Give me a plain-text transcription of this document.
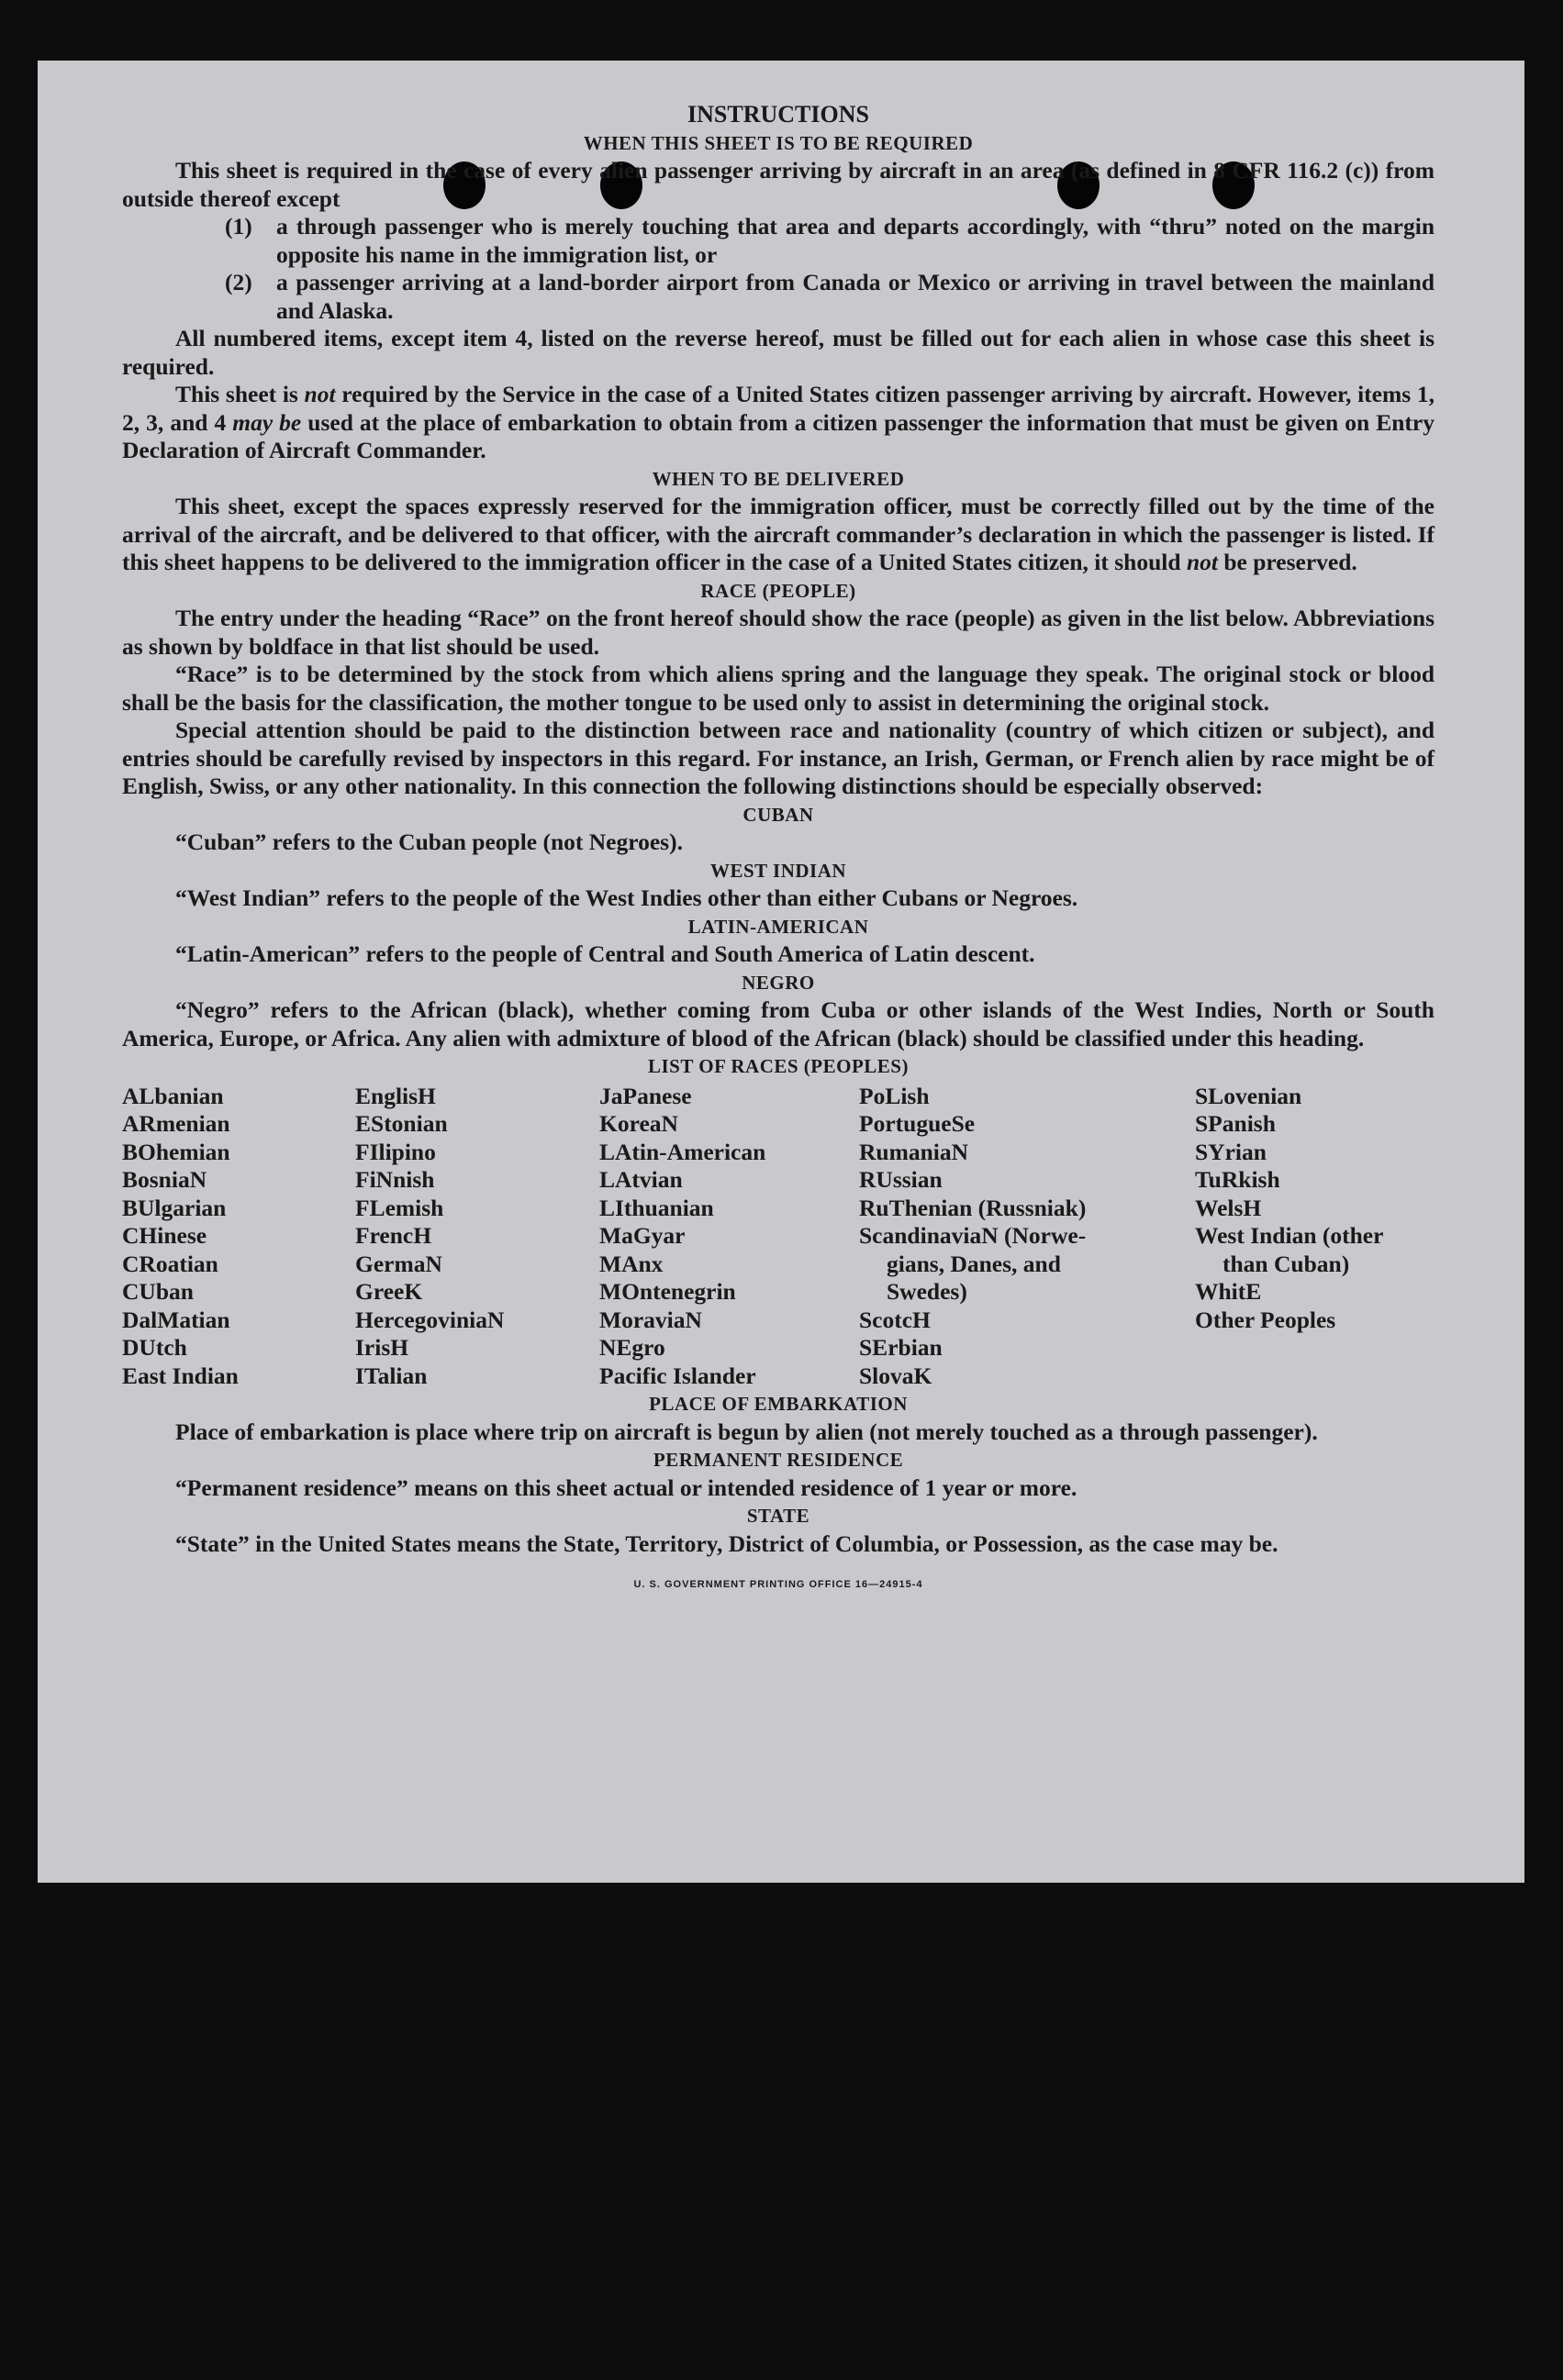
INSTRUCTIONS
WHEN THIS SHEET IS TO BE REQUIRED

This sheet is required in the case of every alien passenger arriving by aircraft in an area (as defined in 8 CFR 116.2 (c)) from outside thereof except

(1)	a through passenger who is merely touching that area and departs accordingly, with “thru” noted on the margin opposite his name in the immigration list, or

(2)	a passenger arriving at a land-border airport from Canada or Mexico or arriving in travel between the mainland and Alaska.

All numbered items, except item 4, listed on the reverse hereof, must be filled out for each alien in whose case this sheet is required.

This sheet is not required by the Service in the case of a United States citizen passenger arriving by aircraft. However, items 1, 2, 3, and 4 may be used at the place of embarkation to obtain from a citizen passenger the information that must be given on Entry Declaration of Aircraft Commander.

WHEN TO BE DELIVERED

This sheet, except the spaces expressly reserved for the immigration officer, must be correctly filled out by the time of the arrival of the aircraft, and be delivered to that officer, with the aircraft commander’s declaration in which the passenger is listed. If this sheet happens to be delivered to the immigration officer in the case of a United States citizen, it should not be preserved.

RACE (PEOPLE)

The entry under the heading “Race” on the front hereof should show the race (people) as given in the list below. Abbreviations as shown by boldface in that list should be used.

“Race” is to be determined by the stock from which aliens spring and the language they speak. The original stock or blood shall be the basis for the classification, the mother tongue to be used only to assist in determining the original stock.

Special attention should be paid to the distinction between race and nationality (country of which citizen or subject), and entries should be carefully revised by inspectors in this regard. For instance, an Irish, German, or French alien by race might be of English, Swiss, or any other nationality. In this connection the following distinctions should be especially observed:

CUBAN

“Cuban” refers to the Cuban people (not Negroes).

WEST INDIAN

“West Indian” refers to the people of the West Indies other than either Cubans or Negroes.

LATIN-AMERICAN

“Latin-American” refers to the people of Central and South America of Latin descent.

NEGRO

“Negro” refers to the African (black), whether coming from Cuba or other islands of the West Indies, North or South America, Europe, or Africa. Any alien with admixture of blood of the African (black) should be classified under this heading.

LIST OF RACES (PEOPLES)
ALbanian
ARmenian
BOhemian
BosniaN
BUlgarian
CHinese
CRoatian
CUban
DalMatian
DUtch
East Indian
EnglisH
EStonian
FIlipino
FiNnish
FLemish
FrencH
GermaN
GreeK
HercegoviniaN
IrisH
ITalian
JaPanese
KoreaN
LAtin-American
LAtvian
LIthuanian
MaGyar
MAnx
MOntenegrin
MoraviaN
NEgro
Pacific Islander
PoLish
PortugueSe
RumaniaN
RUssian
RuThenian (Russniak)
ScandinaviaN (Norwe-
gians, Danes, and
Swedes)
ScotcH
SErbian
SlovaK
SLovenian
SPanish
SYrian
TuRkish
WelsH
West Indian (other
than Cuban)
WhitE
Other Peoples
PLACE OF EMBARKATION

Place of embarkation is place where trip on aircraft is begun by alien (not merely touched as a through passenger).

PERMANENT RESIDENCE

“Permanent residence” means on this sheet actual or intended residence of 1 year or more.

STATE

“State” in the United States means the State, Territory, District of Columbia, or Possession, as the case may be.

U. S. GOVERNMENT PRINTING OFFICE 16—24915-4
